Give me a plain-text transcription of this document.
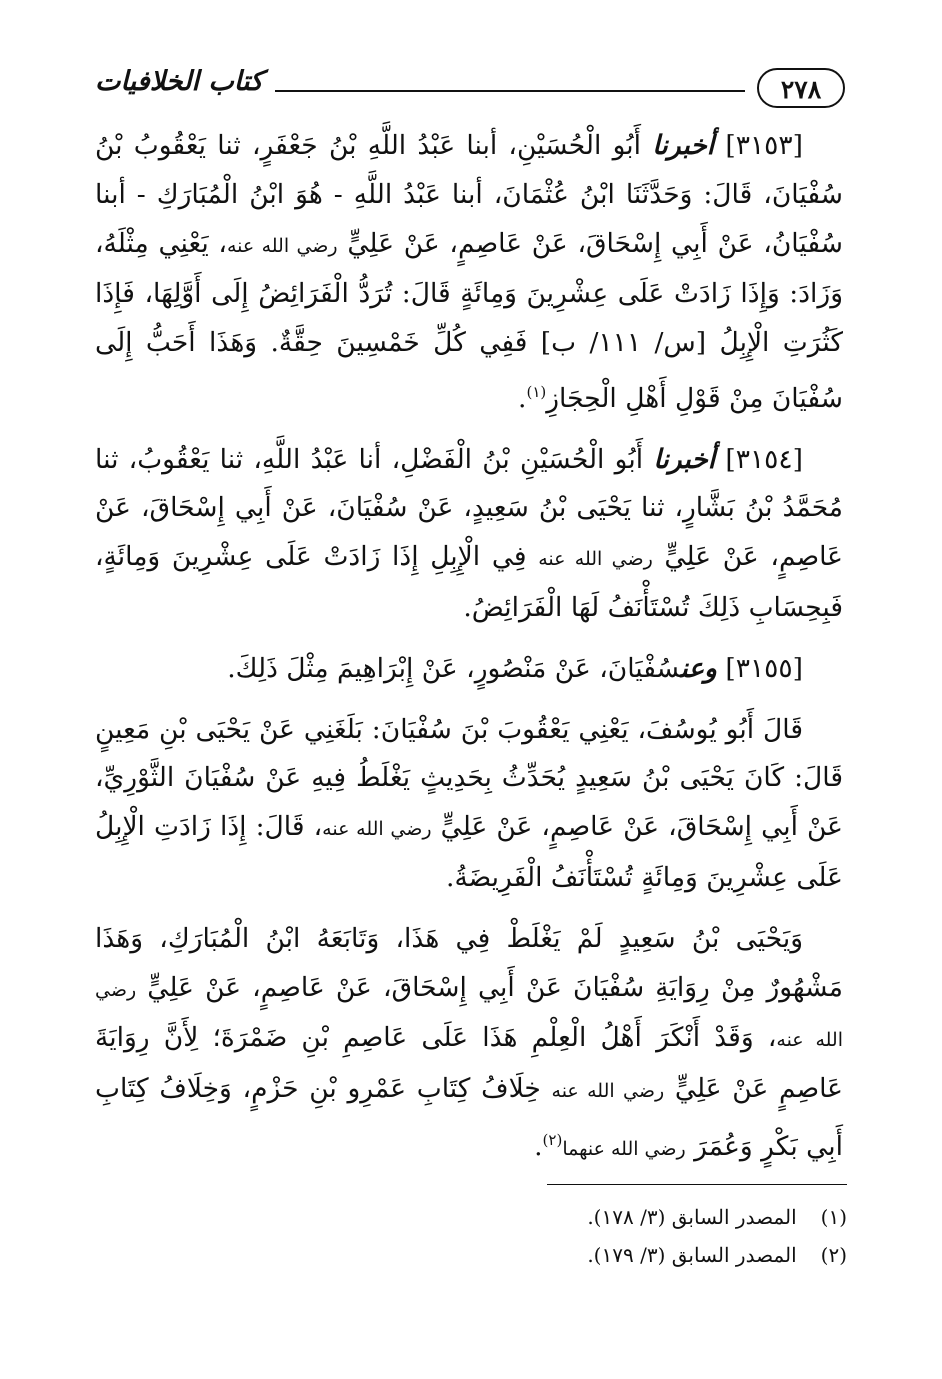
٢٧٨
كتاب الخلافيات

[٣١٥٣] أخبرنا أَبُو الْحُسَيْنِ، أبنا عَبْدُ اللَّهِ بْنُ جَعْفَرٍ، ثنا يَعْقُوبُ بْنُ سُفْيَانَ، قَالَ: وَحَدَّثَنَا ابْنُ عُثْمَانَ، أبنا عَبْدُ اللَّهِ - هُوَ ابْنُ الْمُبَارَكِ - أبنا سُفْيَانُ، عَنْ أَبِي إِسْحَاقَ، عَنْ عَاصِمٍ، عَنْ عَلِيٍّ رضي الله عنه، يَعْنِي مِثْلَهُ، وَزَادَ: وَإِذَا زَادَتْ عَلَى عِشْرِينَ وَمِائَةٍ قَالَ: تُرَدُّ الْفَرَائِضُ إِلَى أَوَّلِهَا، فَإِذَا كَثُرَتِ الْإِبِلُ [س/ ١١١/ ب] فَفِي كُلِّ خَمْسِينَ حِقَّةٌ. وَهَذَا أَحَبُّ إِلَى سُفْيَانَ مِنْ قَوْلِ أَهْلِ الْحِجَازِ$^{(١)}$.

[٣١٥٤] أخبرنا أَبُو الْحُسَيْنِ بْنُ الْفَضْلِ، أنا عَبْدُ اللَّهِ، ثنا يَعْقُوبُ، ثنا مُحَمَّدُ بْنُ بَشَّارٍ، ثنا يَحْيَى بْنُ سَعِيدٍ، عَنْ سُفْيَانَ، عَنْ أَبِي إِسْحَاقَ، عَنْ عَاصِمٍ، عَنْ عَلِيٍّ رضي الله عنه فِي الْإِبِلِ إِذَا زَادَتْ عَلَى عِشْرِينَ وَمِائَةٍ، فَبِحِسَابِ ذَلِكَ تُسْتَأْنَفُ لَهَا الْفَرَائِضُ.

[٣١٥٥] وعنسُفْيَانَ، عَنْ مَنْصُورٍ، عَنْ إِبْرَاهِيمَ مِثْلَ ذَلِكَ.

قَالَ أَبُو يُوسُفَ، يَعْنِي يَعْقُوبَ بْنَ سُفْيَانَ: بَلَغَنِي عَنْ يَحْيَى بْنِ مَعِينٍ قَالَ: كَانَ يَحْيَى بْنُ سَعِيدٍ يُحَدِّثُ بِحَدِيثٍ يَغْلَطُ فِيهِ عَنْ سُفْيَانَ الثَّوْرِيِّ، عَنْ أَبِي إِسْحَاقَ، عَنْ عَاصِمٍ، عَنْ عَلِيٍّ رضي الله عنه، قَالَ: إِذَا زَادَتِ الْإِبِلُ عَلَى عِشْرِينَ وَمِائَةٍ تُسْتَأْنَفُ الْفَرِيضَةُ.

وَيَحْيَى بْنُ سَعِيدٍ لَمْ يَغْلَطْ فِي هَذَا، وَتَابَعَهُ ابْنُ الْمُبَارَكِ، وَهَذَا مَشْهُورٌ مِنْ رِوَايَةِ سُفْيَانَ عَنْ أَبِي إِسْحَاقَ، عَنْ عَاصِمٍ، عَنْ عَلِيٍّ رضي الله عنه، وَقَدْ أَنْكَرَ أَهْلُ الْعِلْمِ هَذَا عَلَى عَاصِمِ بْنِ ضَمْرَةَ؛ لِأَنَّ رِوَايَةَ عَاصِمٍ عَنْ عَلِيٍّ رضي الله عنه خِلَافُ كِتَابِ عَمْرِو بْنِ حَزْمٍ، وَخِلَافُ كِتَابِ أَبِي بَكْرٍ وَعُمَرَ رضي الله عنهما$^{(٢)}$.

(١) المصدر السابق (٣/ ١٧٨).

(٢) المصدر السابق (٣/ ١٧٩).
